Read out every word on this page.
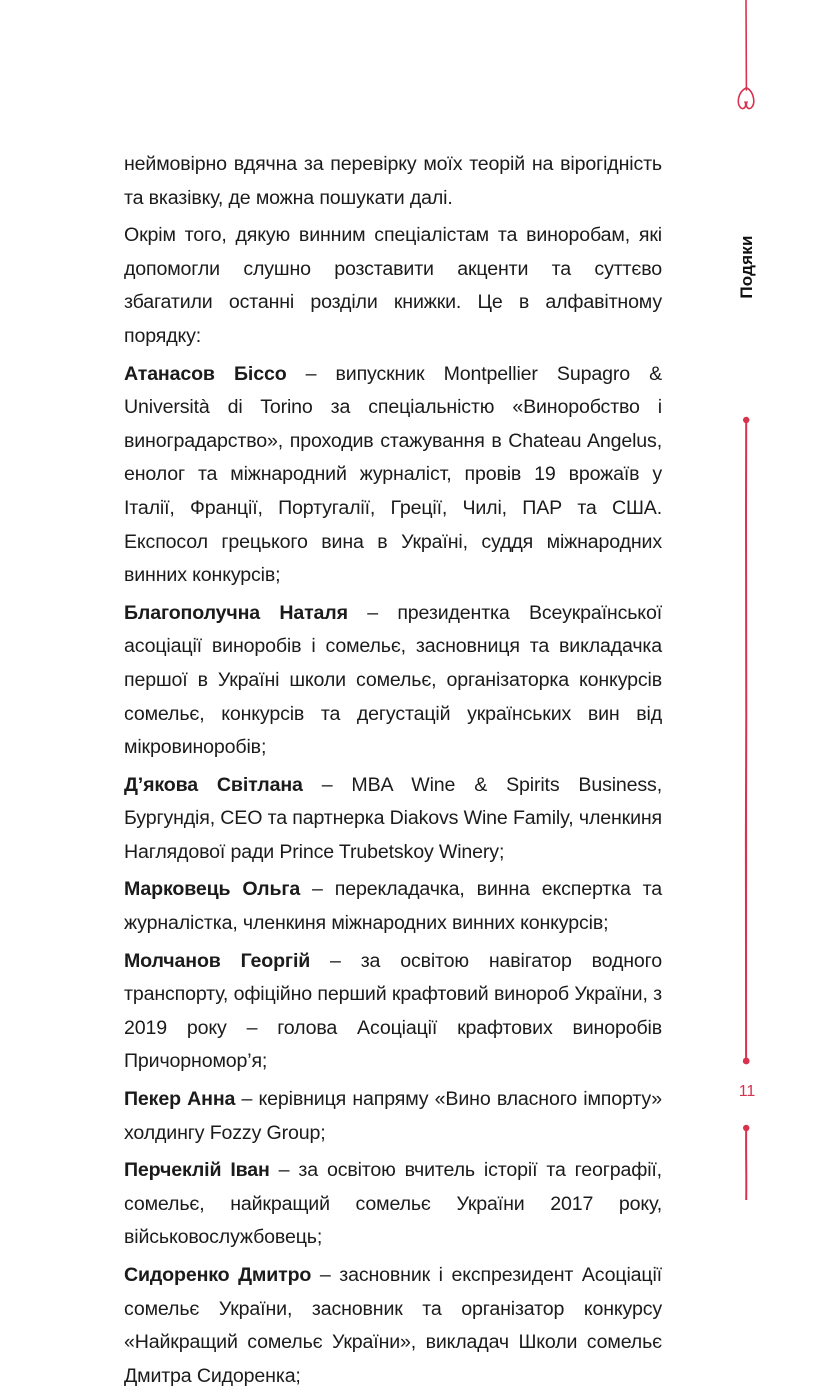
Подяки
11

неймовірно вдячна за перевірку моїх теорій на вірогідність та вказівку, де можна пошукати далі.

Окрім того, дякую винним спеціалістам та виноробам, які допомогли слушно розставити акценти та суттєво збагатили останні розділи книжки. Це в алфавітному порядку:

Атанасов Біссо – випускник Montpellier Supagro & Università di Torino за спеціальністю «Виноробство і виноградарство», проходив стажування в Chateau Angelus, енолог та міжнародний журналіст, провів 19 врожаїв у Італії, Франції, Португалії, Греції, Чилі, ПАР та США. Експосол грецького вина в Україні, суддя міжнародних винних конкурсів;

Благополучна Наталя – президентка Всеукраїнської асоціації виноробів і сомельє, засновниця та викладачка першої в Україні школи сомельє, організаторка конкурсів сомельє, конкурсів та дегустацій українських вин від мікровиноробів;

Д’якова Світлана – MBA Wine & Spirits Business, Бургундія, CEO та партнерка Diakovs Wine Family, членкиня Наглядової ради Prince Trubetskoy Winery;

Марковець Ольга – перекладачка, винна експертка та журналістка, членкиня міжнародних винних конкурсів;

Молчанов Георгій – за освітою навігатор водного транспорту, офіційно перший крафтовий винороб України, з 2019 року – голова Асоціації крафтових виноробів Причорномор’я;

Пекер Анна – керівниця напряму «Вино власного імпорту» холдингу Fozzy Group;

Перчеклій Іван – за освітою вчитель історії та географії, сомельє, найкращий сомельє України 2017 року, військовослужбовець;

Сидоренко Дмитро – засновник і експрезидент Асоціації сомельє України, засновник та організатор конкурсу «Найкращий сомельє України», викладач Школи сомельє Дмитра Сидоренка;
